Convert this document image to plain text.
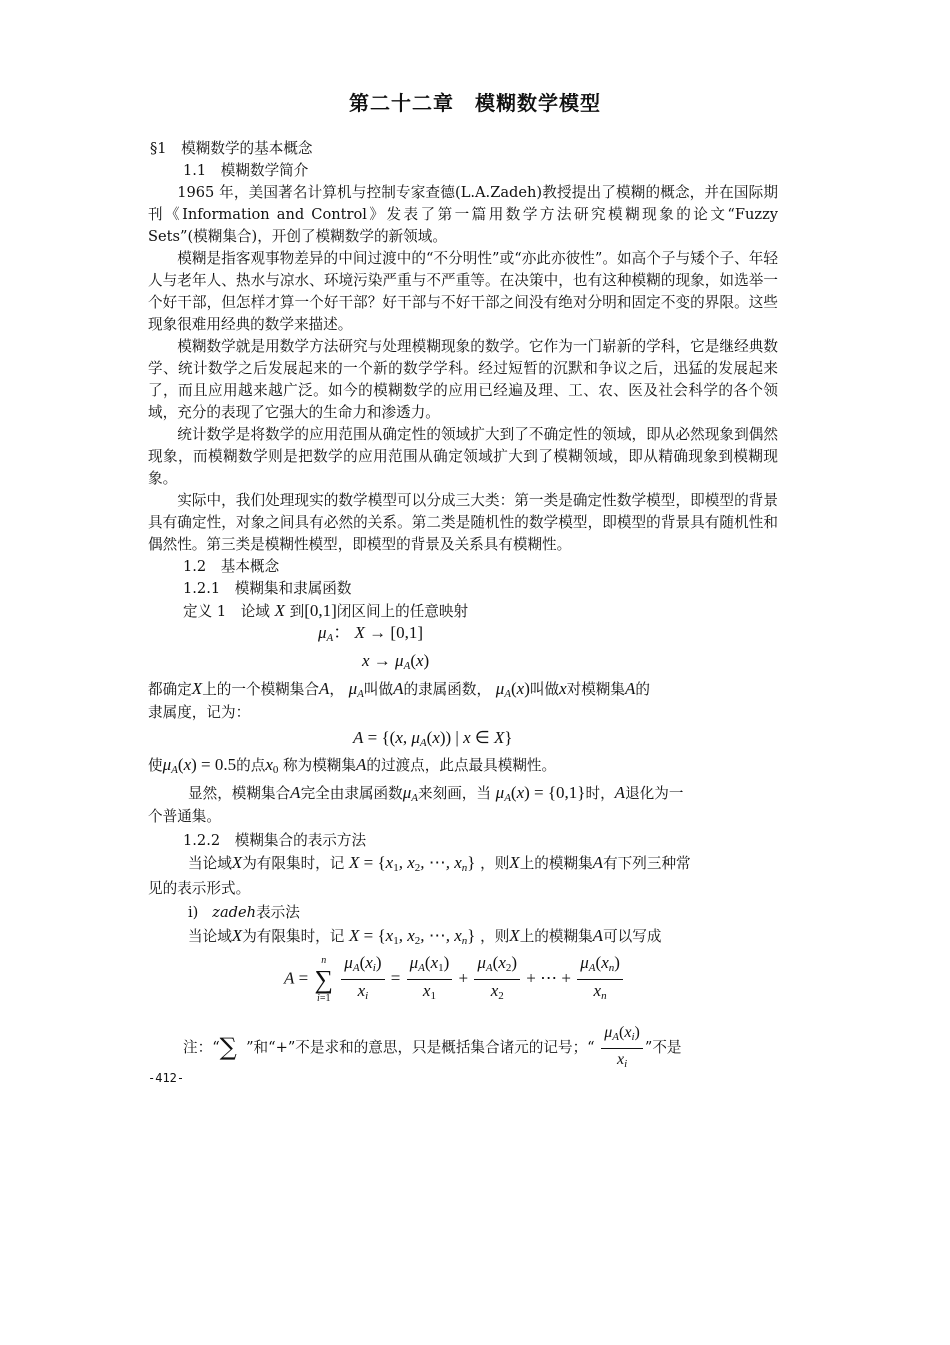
第二十二章　模糊数学模型
§1　模糊数学的基本概念
1.1　模糊数学简介
1965 年，美国著名计算机与控制专家查德(L.A.Zadeh)教授提出了模糊的概念，并在国际期刊《Information and Control》发表了第一篇用数学方法研究模糊现象的论文“Fuzzy Sets”(模糊集合)，开创了模糊数学的新领域。
模糊是指客观事物差异的中间过渡中的“不分明性”或“亦此亦彼性”。如高个子与矮个子、年轻人与老年人、热水与凉水、环境污染严重与不严重等。在决策中，也有这种模糊的现象，如选举一个好干部，但怎样才算一个好干部？好干部与不好干部之间没有绝对分明和固定不变的界限。这些现象很难用经典的数学来描述。
模糊数学就是用数学方法研究与处理模糊现象的数学。它作为一门崭新的学科，它是继经典数学、统计数学之后发展起来的一个新的数学学科。经过短暂的沉默和争议之后，迅猛的发展起来了，而且应用越来越广泛。如今的模糊数学的应用已经遍及理、工、农、医及社会科学的各个领域，充分的表现了它强大的生命力和渗透力。
统计数学是将数学的应用范围从确定性的领域扩大到了不确定性的领域，即从必然现象到偶然现象，而模糊数学则是把数学的应用范围从确定领域扩大到了模糊领域，即从精确现象到模糊现象。
实际中，我们处理现实的数学模型可以分成三大类：第一类是确定性数学模型，即模型的背景具有确定性，对象之间具有必然的关系。第二类是随机性的数学模型，即模型的背景具有随机性和偶然性。第三类是模糊性模型，即模型的背景及关系具有模糊性。
1.2　基本概念
1.2.1　模糊集和隶属函数
定义 1　论域 X 到[0,1]闭区间上的任意映射
$\mu_A$： X → [0,1]
$x \to \mu_A(x)$
都确定X上的一个模糊集合A， $\mu_A$叫做A的隶属函数， $\mu_A(x)$叫做x对模糊集A的
隶属度，记为：
A = {(x, $\mu_A(x)$) | x ∈ X}
使$\mu_A(x) = 0.5$的点$x_0$ 称为模糊集A的过渡点，此点最具模糊性。
显然，模糊集合A完全由隶属函数$\mu_A$来刻画，当 $\mu_A(x) = \{0,1\}$时，A退化为一
个普通集。
1.2.2　模糊集合的表示方法
当论域X为有限集时，记 $X = \{x_1$, $x_2$, ⋯, $x_n$} ，则X上的模糊集A有下列三种常
见的表示形式。
i) zadeh表示法
当论域X为有限集时，记 $X = \{x_1$, $x_2$, ⋯, $x_n$} ，则X上的模糊集A可以写成
A =
n
∑
i=1
$\frac{\mu_A(x_i)}{x_i} = \frac{\mu_A(x_1)}{x_1} + \frac{\mu_A(x_2)}{x_2}$ + ⋯ + $\frac{\mu_A(x_n)}{x_n}$
注：“∑ ”和“+”不是求和的意思，只是概括集合诸元的记号；“ $\frac{\mu_A(x_i)}{x_i}$ ”不是
-412-
